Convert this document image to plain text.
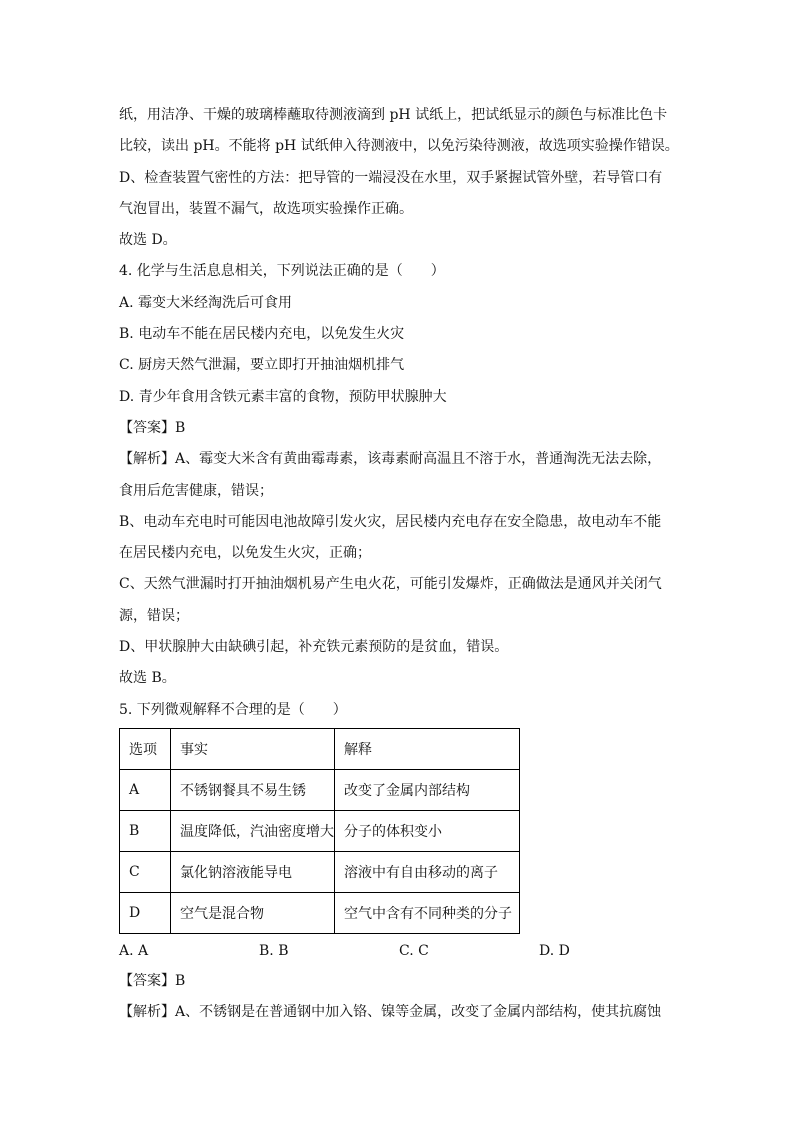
纸，用洁净、干燥的玻璃棒蘸取待测液滴到 pH 试纸上，把试纸显示的颜色与标准比色卡
比较，读出 pH。不能将 pH 试纸伸入待测液中，以免污染待测液，故选项实验操作错误。
D、检查装置气密性的方法：把导管的一端浸没在水里，双手紧握试管外壁，若导管口有
气泡冒出，装置不漏气，故选项实验操作正确。
故选 D。
4. 化学与生活息息相关，下列说法正确的是（　　）
A. 霉变大米经淘洗后可食用
B. 电动车不能在居民楼内充电，以免发生火灾
C. 厨房天然气泄漏，要立即打开抽油烟机排气
D. 青少年食用含铁元素丰富的食物，预防甲状腺肿大
【答案】B
【解析】A、霉变大米含有黄曲霉毒素，该毒素耐高温且不溶于水，普通淘洗无法去除，
食用后危害健康，错误；
B、电动车充电时可能因电池故障引发火灾，居民楼内充电存在安全隐患，故电动车不能
在居民楼内充电，以免发生火灾，正确；
C、天然气泄漏时打开抽油烟机易产生电火花，可能引发爆炸，正确做法是通风并关闭气
源，错误；
D、甲状腺肿大由缺碘引起，补充铁元素预防的是贫血，错误。
故选 B。
5. 下列微观解释不合理的是（　　）
选项	事实	解释
A	不锈钢餐具不易生锈	改变了金属内部结构
B	温度降低，汽油密度增大	分子的体积变小
C	氯化钠溶液能导电	溶液中有自由移动的离子
D	空气是混合物	空气中含有不同种类的分子
A. A	B. B	C. C	D. D
【答案】B
【解析】A、不锈钢是在普通钢中加入铬、镍等金属，改变了金属内部结构，使其抗腐蚀
